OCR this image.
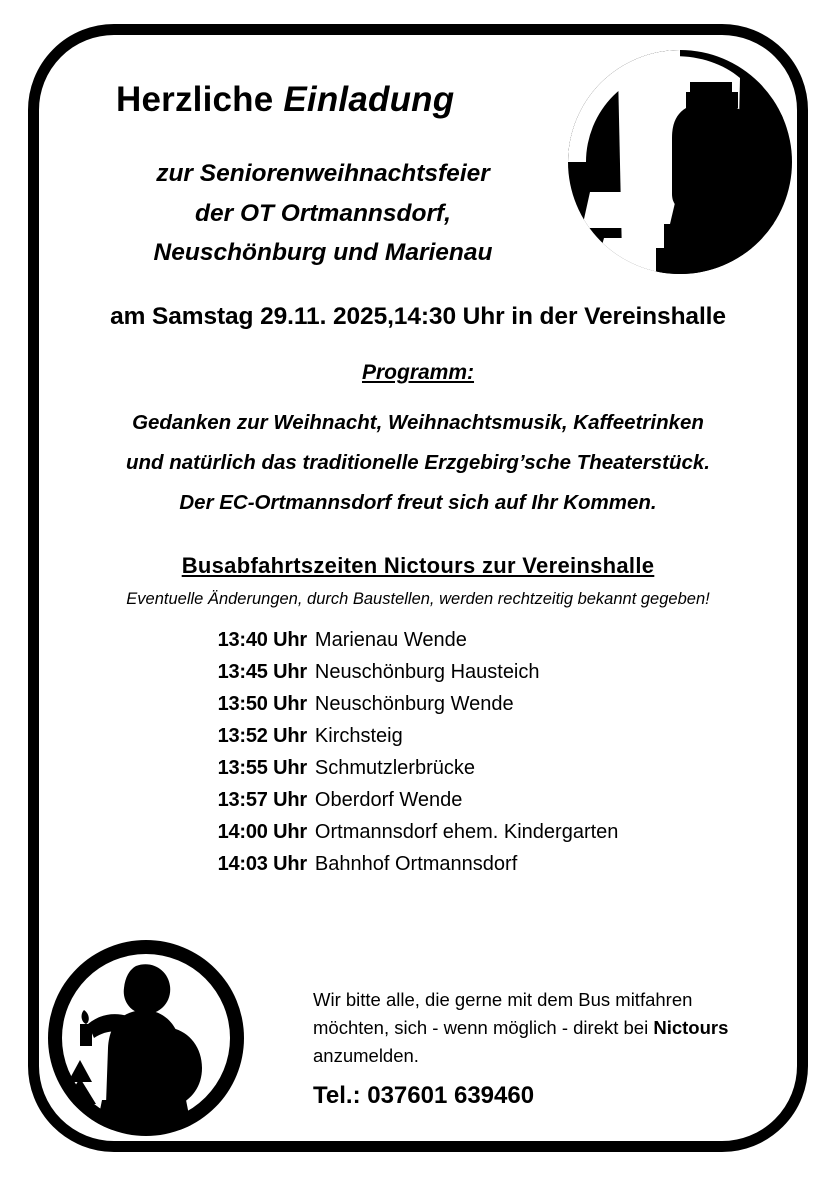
Herzliche Einladung
zur Seniorenweihnachtsfeier
der OT Ortmannsdorf,
Neuschönburg und Marienau
am Samstag 29.11. 2025,14:30 Uhr in der Vereinshalle
Programm:
Gedanken zur Weihnacht, Weihnachtsmusik, Kaffeetrinken
und natürlich das traditionelle Erzgebirg’sche Theaterstück.
Der EC-Ortmannsdorf freut sich auf Ihr Kommen.
Busabfahrtszeiten Nictours zur Vereinshalle
Eventuelle Änderungen, durch Baustellen, werden rechtzeitig bekannt gegeben!
13:40 Uhr	Marienau Wende
13:45 Uhr	Neuschönburg Hausteich
13:50 Uhr	Neuschönburg Wende
13:52 Uhr	Kirchsteig
13:55 Uhr	Schmutzlerbrücke
13:57 Uhr	Oberdorf Wende
14:00 Uhr	Ortmannsdorf ehem. Kindergarten
14:03 Uhr	Bahnhof Ortmannsdorf
Wir bitte alle, die gerne mit dem Bus mitfahren möchten, sich - wenn möglich - direkt bei Nictours anzumelden.
Tel.: 037601 639460
